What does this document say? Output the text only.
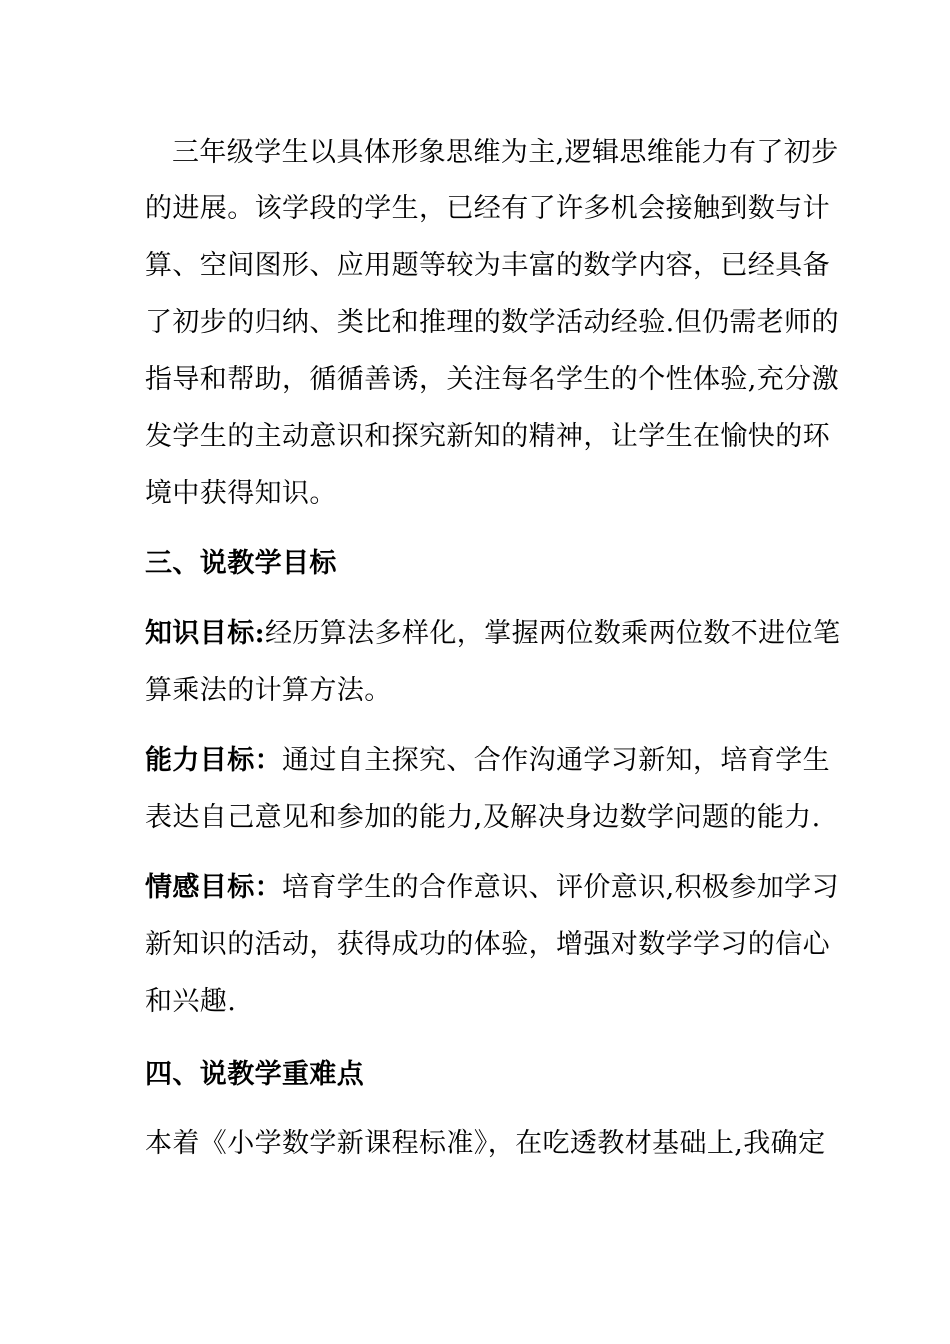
三年级学生以具体形象思维为主,逻辑思维能力有了初步
的进展。该学段的学生，已经有了许多机会接触到数与计
算、空间图形、应用题等较为丰富的数学内容，已经具备
了初步的归纳、类比和推理的数学活动经验.但仍需老师的
指导和帮助，循循善诱，关注每名学生的个性体验,充分激
发学生的主动意识和探究新知的精神，让学生在愉快的环
境中获得知识。
三、说教学目标
知识目标:经历算法多样化，掌握两位数乘两位数不进位笔
算乘法的计算方法。
能力目标：通过自主探究、合作沟通学习新知，培育学生
表达自己意见和参加的能力,及解决身边数学问题的能力.
情感目标：培育学生的合作意识、评价意识,积极参加学习
新知识的活动，获得成功的体验，增强对数学学习的信心
和兴趣.
四、说教学重难点
本着《小学数学新课程标准》，在吃透教材基础上,我确定
